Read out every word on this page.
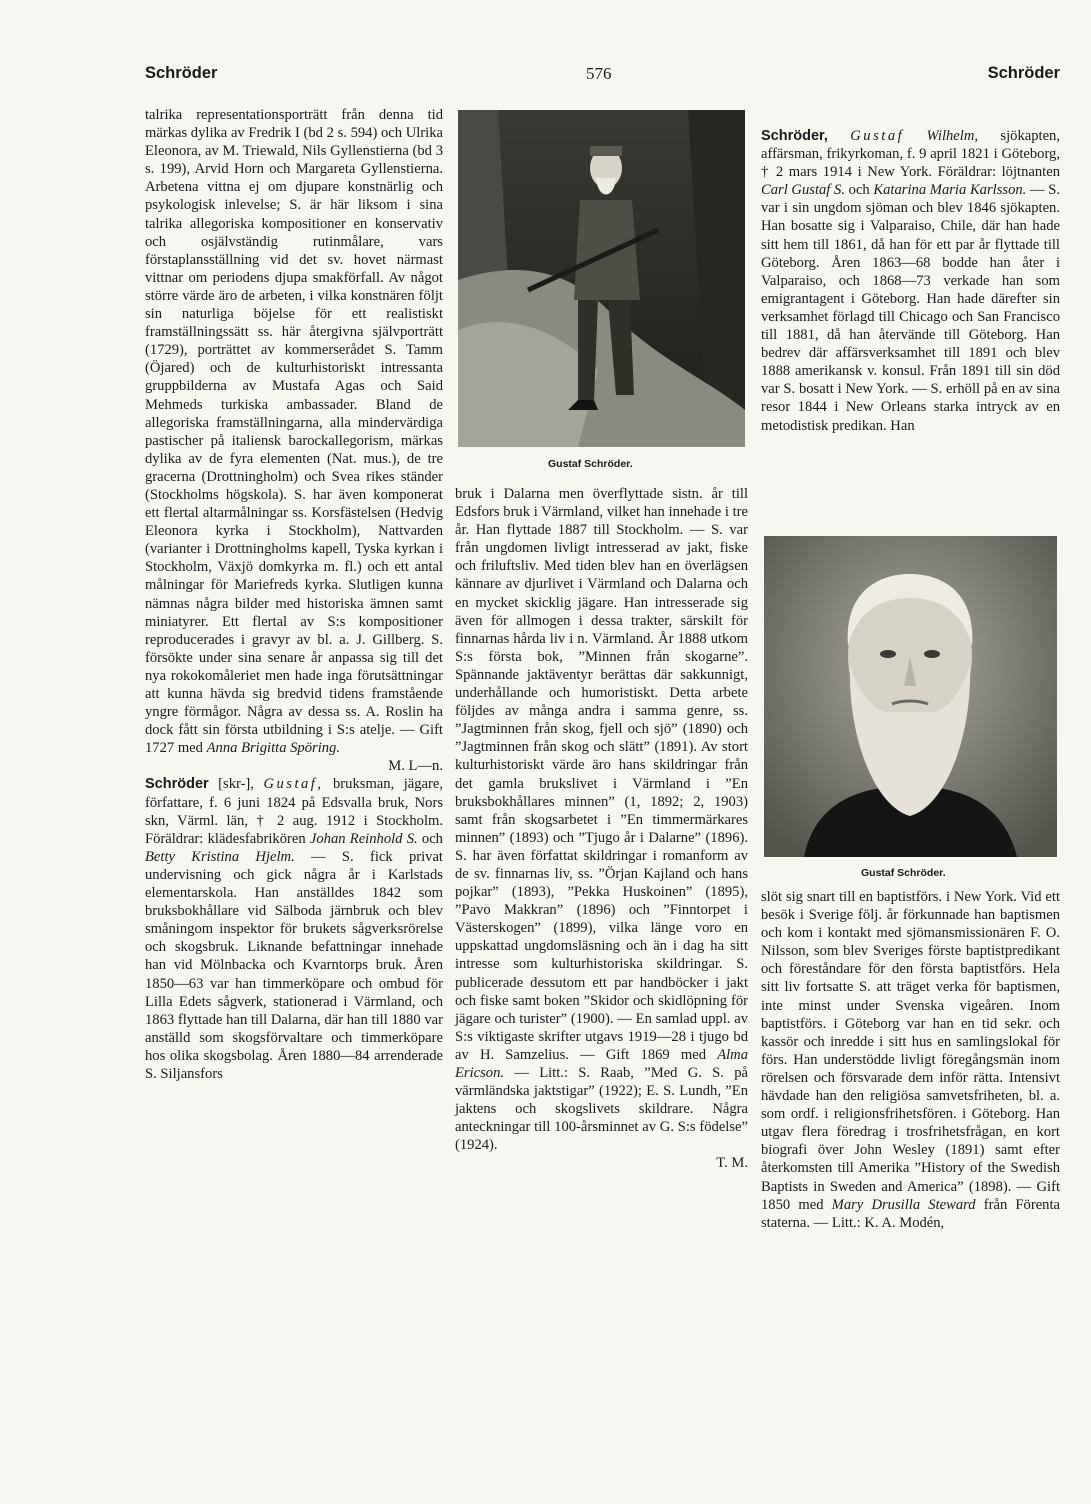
Schröder	576	Schröder

talrika representationsporträtt från denna tid märkas dylika av Fredrik I (bd 2 s. 594) och Ulrika Eleonora, av M. Triewald, Nils Gyllenstierna (bd 3 s. 199), Arvid Horn och Margareta Gyllenstierna. Arbetena vittna ej om djupare konstnärlig och psykologisk inlevelse; S. är här liksom i sina talrika allegoriska kompositioner en konservativ och osjälvständig rutinmålare, vars förstaplansställning vid det sv. hovet närmast vittnar om periodens djupa smakförfall. Av något större värde äro de arbeten, i vilka konstnären följt sin naturliga böjelse för ett realistiskt framställningssätt ss. här återgivna självporträtt (1729), porträttet av kommerserådet S. Tamm (Öjared) och de kulturhistoriskt intressanta gruppbilderna av Mustafa Agas och Said Mehmeds turkiska ambassader. Bland de allegoriska framställningarna, alla mindervärdiga pastischer på italiensk barockallegorism, märkas dylika av de fyra elementen (Nat. mus.), de tre gracerna (Drottningholm) och Svea rikes ständer (Stockholms högskola). S. har även komponerat ett flertal altarmålningar ss. Korsfästelsen (Hedvig Eleonora kyrka i Stockholm), Nattvarden (varianter i Drottningholms kapell, Tyska kyrkan i Stockholm, Växjö domkyrka m. fl.) och ett antal målningar för Mariefreds kyrka. Slutligen kunna nämnas några bilder med historiska ämnen samt miniatyrer. Ett flertal av S:s kompositioner reproducerades i gravyr av bl. a. J. Gillberg. S. försökte under sina senare år anpassa sig till det nya rokokomåleriet men hade inga förutsättningar att kunna hävda sig bredvid tidens framstående yngre förmågor. Några av dessa ss. A. Roslin ha dock fått sin första utbildning i S:s atelje. — Gift 1727 med Anna Brigitta Spöring.
M. L—n.
Schröder [skr-], Gustaf, bruksman, jägare, författare, f. 6 juni 1824 på Edsvalla bruk, Nors skn, Värml. län, † 2 aug. 1912 i Stockholm. Föräldrar: klädesfabrikören Johan Reinhold S. och Betty Kristina Hjelm. — S. fick privat undervisning och gick några år i Karlstads elementarskola. Han anställdes 1842 som bruksbokhållare vid Sälboda järnbruk och blev småningom inspektor för brukets sågverksrörelse och skogsbruk. Liknande befattningar innehade han vid Mölnbacka och Kvarntorps bruk. Åren 1850—63 var han timmerköpare och ombud för Lilla Edets sågverk, stationerad i Värmland, och 1863 flyttade han till Dalarna, där han till 1880 var anställd som skogsförvaltare och timmerköpare hos olika skogsbolag. Åren 1880—84 arrenderade S. Siljansfors

Gustaf Schröder.

bruk i Dalarna men överflyttade sistn. år till Edsfors bruk i Värmland, vilket han innehade i tre år. Han flyttade 1887 till Stockholm. — S. var från ungdomen livligt intresserad av jakt, fiske och friluftsliv. Med tiden blev han en överlägsen kännare av djurlivet i Värmland och Dalarna och en mycket skicklig jägare. Han intresserade sig även för allmogen i dessa trakter, särskilt för finnarnas hårda liv i n. Värmland. År 1888 utkom S:s första bok, ”Minnen från skogarne”. Spännande jaktäventyr berättas där sakkunnigt, underhållande och humoristiskt. Detta arbete följdes av många andra i samma genre, ss. ”Jagtminnen från skog, fjell och sjö” (1890) och ”Jagtminnen från skog och slätt” (1891). Av stort kulturhistoriskt värde äro hans skildringar från det gamla brukslivet i Värmland i ”En bruksbokhållares minnen” (1, 1892; 2, 1903) samt från skogsarbetet i ”En timmermärkares minnen” (1893) och ”Tjugo år i Dalarne” (1896). S. har även författat skildringar i romanform av de sv. finnarnas liv, ss. ”Örjan Kajland och hans pojkar” (1893), ”Pekka Huskoinen” (1895), ”Pavo Makkran” (1896) och ”Finntorpet i Västerskogen” (1899), vilka länge voro en uppskattad ungdomsläsning och än i dag ha sitt intresse som kulturhistoriska skildringar. S. publicerade dessutom ett par handböcker i jakt och fiske samt boken ”Skidor och skidlöpning för jägare och turister” (1900). — En samlad uppl. av S:s viktigaste skrifter utgavs 1919—28 i tjugo bd av H. Samzelius. — Gift 1869 med Alma Ericson. — Litt.: S. Raab, ”Med G. S. på värmländska jaktstigar” (1922); E. S. Lundh, ”En jaktens och skogslivets skildrare. Några anteckningar till 100-årsminnet av G. S:s födelse” (1924).
T. M.

Schröder, Gustaf Wilhelm, sjökapten, affärsman, frikyrkoman, f. 9 april 1821 i Göteborg, † 2 mars 1914 i New York. Föräldrar: löjtnanten Carl Gustaf S. och Katarina Maria Karlsson. — S. var i sin ungdom sjöman och blev 1846 sjökapten. Han bosatte sig i Valparaiso, Chile, där han hade sitt hem till 1861, då han för ett par år flyttade till Göteborg. Åren 1863—68 bodde han åter i Valparaiso, och 1868—73 verkade han som emigrantagent i Göteborg. Han hade därefter sin verksamhet förlagd till Chicago och San Francisco till 1881, då han återvände till Göteborg. Han bedrev där affärsverksamhet till 1891 och blev 1888 amerikansk v. konsul. Från 1891 till sin död var S. bosatt i New York. — S. erhöll på en av sina resor 1844 i New Orleans starka intryck av en metodistisk predikan. Han

Gustaf Schröder.

slöt sig snart till en baptistförs. i New York. Vid ett besök i Sverige följ. år förkunnade han baptismen och kom i kontakt med sjömansmissionären F. O. Nilsson, som blev Sveriges förste baptistpredikant och föreståndare för den första baptistförs. Hela sitt liv fortsatte S. att träget verka för baptismen, inte minst under Svenska vigeåren. Inom baptistförs. i Göteborg var han en tid sekr. och kassör och inredde i sitt hus en samlingslokal för förs. Han understödde livligt föregångsmän inom rörelsen och försvarade dem inför rätta. Intensivt hävdade han den religiösa samvetsfriheten, bl. a. som ordf. i religionsfrihetsfören. i Göteborg. Han utgav flera föredrag i trosfrihetsfrågan, en kort biografi över John Wesley (1891) samt efter återkomsten till Amerika ”History of the Swedish Baptists in Sweden and America” (1898). — Gift 1850 med Mary Drusilla Steward från Förenta staterna. — Litt.: K. A. Modén,
